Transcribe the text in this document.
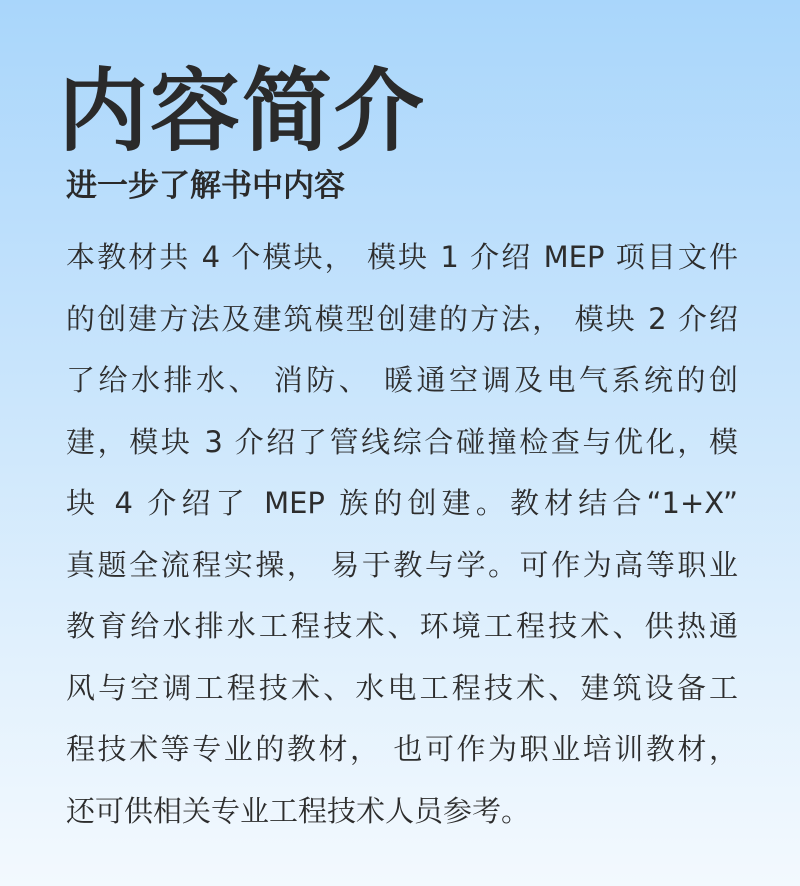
内容简介
进一步了解书中内容
本教材共 4 个模块， 模块 1 介绍 MEP 项目文件
的创建方法及建筑模型创建的方法， 模块 2 介绍
了给水排水、 消防、 暖通空调及电气系统的创
建，模块 3 介绍了管线综合碰撞检查与优化，模
块 4 介绍了 MEP 族的创建。教材结合“1+X”
真题全流程实操， 易于教与学。可作为高等职业
教育给水排水工程技术、环境工程技术、供热通
风与空调工程技术、水电工程技术、建筑设备工
程技术等专业的教材， 也可作为职业培训教材，
还可供相关专业工程技术人员参考。
